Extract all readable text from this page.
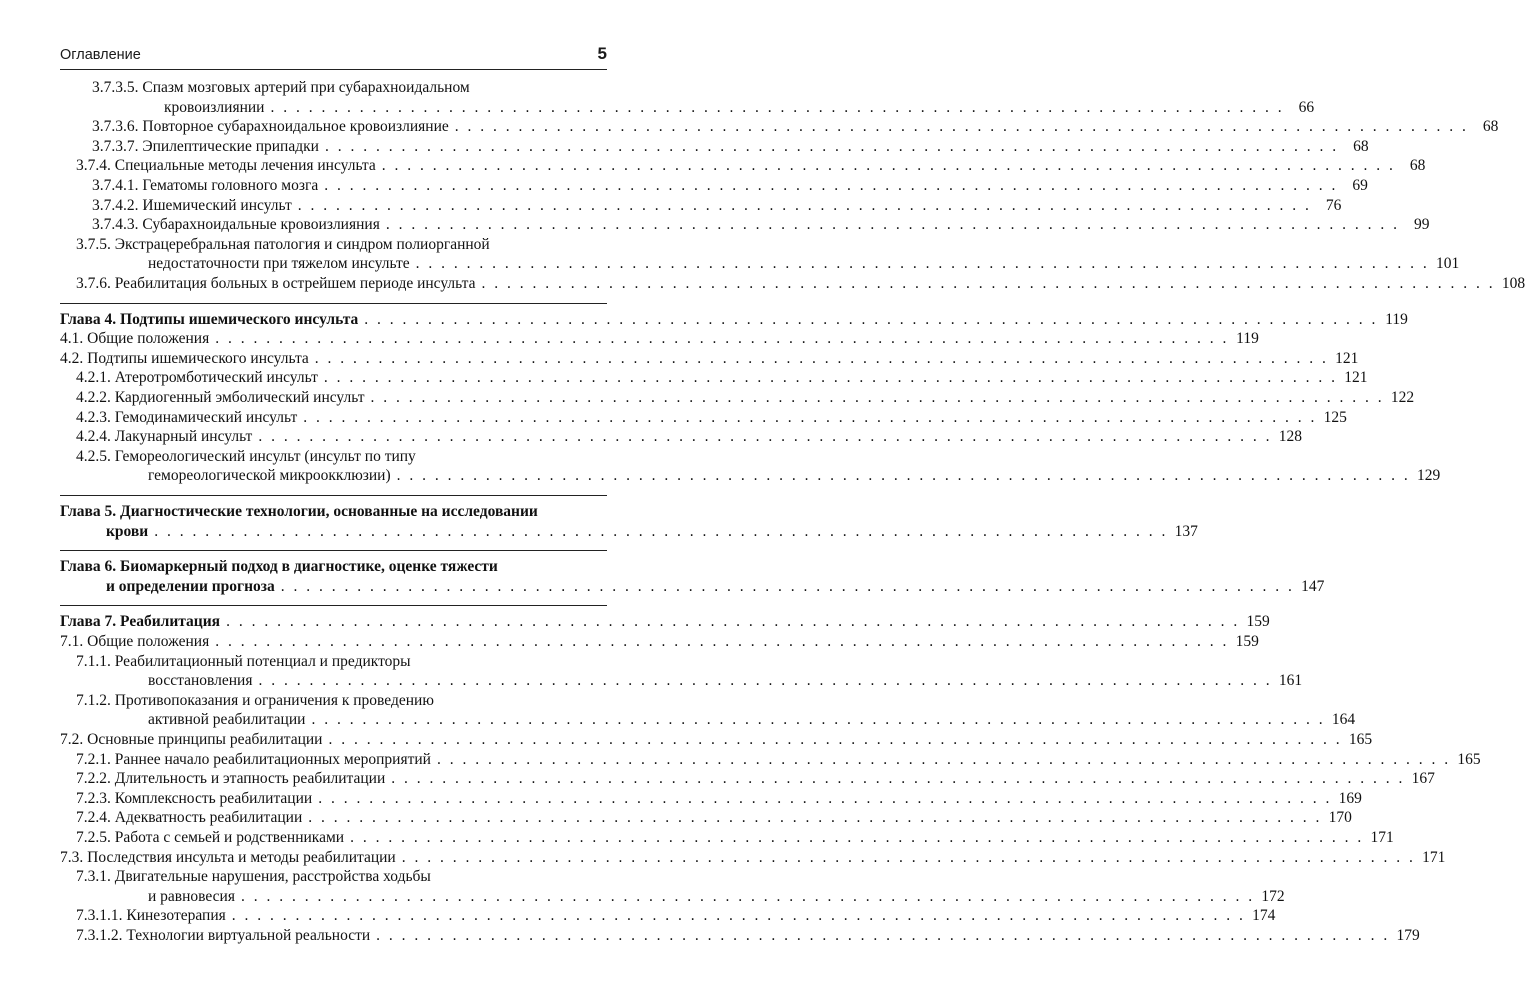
Оглавление	5
3.7.3.5. Спазм мозговых артерий при субарахноидальном
кровоизлиянии . . . . . . . . . . . . . . . . . . . . . . . . . . . . . . . . . . . . . . . . . . . . . . . . . . . . . . . . . . . . . . . . . . . . . . . . . . . . . . . . 66
3.7.3.6. Повторное субарахноидальное кровоизлияние . . . . . . . . . . . . . . . . . . . . . . . . . . . . . . . . . . . . . . . . . . . . . . . . . . . . . . . . . . . . . . . . . . . . . . . . . . . . . . . . 68
3.7.3.7. Эпилептические припадки . . . . . . . . . . . . . . . . . . . . . . . . . . . . . . . . . . . . . . . . . . . . . . . . . . . . . . . . . . . . . . . . . . . . . . . . . . . . . . . . 68
3.7.4. Специальные методы лечения инсульта . . . . . . . . . . . . . . . . . . . . . . . . . . . . . . . . . . . . . . . . . . . . . . . . . . . . . . . . . . . . . . . . . . . . . . . . . . . . . . . . 68
3.7.4.1. Гематомы головного мозга . . . . . . . . . . . . . . . . . . . . . . . . . . . . . . . . . . . . . . . . . . . . . . . . . . . . . . . . . . . . . . . . . . . . . . . . . . . . . . . . 69
3.7.4.2. Ишемический инсульт . . . . . . . . . . . . . . . . . . . . . . . . . . . . . . . . . . . . . . . . . . . . . . . . . . . . . . . . . . . . . . . . . . . . . . . . . . . . . . . . 76
3.7.4.3. Субарахноидальные кровоизлияния . . . . . . . . . . . . . . . . . . . . . . . . . . . . . . . . . . . . . . . . . . . . . . . . . . . . . . . . . . . . . . . . . . . . . . . . . . . . . . . . 99
3.7.5. Экстрацеребральная патология и синдром полиорганной
недостаточности при тяжелом инсульте . . . . . . . . . . . . . . . . . . . . . . . . . . . . . . . . . . . . . . . . . . . . . . . . . . . . . . . . . . . . . . . . . . . . . . . . . . . . . . . . 101
3.7.6. Реабилитация больных в острейшем периоде инсульта . . . . . . . . . . . . . . . . . . . . . . . . . . . . . . . . . . . . . . . . . . . . . . . . . . . . . . . . . . . . . . . . . . . . . . . . . . . . . . . . 108
Глава 4. Подтипы ишемического инсульта . . . . . . . . . . . . . . . . . . . . . . . . . . . . . . . . . . . . . . . . . . . . . . . . . . . . . . . . . . . . . . . . . . . . . . . . . . . . . . . . 119
4.1. Общие положения . . . . . . . . . . . . . . . . . . . . . . . . . . . . . . . . . . . . . . . . . . . . . . . . . . . . . . . . . . . . . . . . . . . . . . . . . . . . . . . . 119
4.2. Подтипы ишемического инсульта . . . . . . . . . . . . . . . . . . . . . . . . . . . . . . . . . . . . . . . . . . . . . . . . . . . . . . . . . . . . . . . . . . . . . . . . . . . . . . . . 121
4.2.1. Атеротромботический инсульт . . . . . . . . . . . . . . . . . . . . . . . . . . . . . . . . . . . . . . . . . . . . . . . . . . . . . . . . . . . . . . . . . . . . . . . . . . . . . . . . 121
4.2.2. Кардиогенный эмболический инсульт . . . . . . . . . . . . . . . . . . . . . . . . . . . . . . . . . . . . . . . . . . . . . . . . . . . . . . . . . . . . . . . . . . . . . . . . . . . . . . . . 122
4.2.3. Гемодинамический инсульт . . . . . . . . . . . . . . . . . . . . . . . . . . . . . . . . . . . . . . . . . . . . . . . . . . . . . . . . . . . . . . . . . . . . . . . . . . . . . . . . 125
4.2.4. Лакунарный инсульт . . . . . . . . . . . . . . . . . . . . . . . . . . . . . . . . . . . . . . . . . . . . . . . . . . . . . . . . . . . . . . . . . . . . . . . . . . . . . . . . 128
4.2.5. Гемореологический инсульт (инсульт по типу
гемореологической микроокклюзии) . . . . . . . . . . . . . . . . . . . . . . . . . . . . . . . . . . . . . . . . . . . . . . . . . . . . . . . . . . . . . . . . . . . . . . . . . . . . . . . . 129
Глава 5. Диагностические технологии, основанные на исследовании
крови . . . . . . . . . . . . . . . . . . . . . . . . . . . . . . . . . . . . . . . . . . . . . . . . . . . . . . . . . . . . . . . . . . . . . . . . . . . . . . . . 137
Глава 6. Биомаркерный подход в диагностике, оценке тяжести
и определении прогноза . . . . . . . . . . . . . . . . . . . . . . . . . . . . . . . . . . . . . . . . . . . . . . . . . . . . . . . . . . . . . . . . . . . . . . . . . . . . . . . . 147
Глава 7. Реабилитация . . . . . . . . . . . . . . . . . . . . . . . . . . . . . . . . . . . . . . . . . . . . . . . . . . . . . . . . . . . . . . . . . . . . . . . . . . . . . . . . 159
7.1. Общие положения . . . . . . . . . . . . . . . . . . . . . . . . . . . . . . . . . . . . . . . . . . . . . . . . . . . . . . . . . . . . . . . . . . . . . . . . . . . . . . . . 159
7.1.1. Реабилитационный потенциал и предикторы
восстановления . . . . . . . . . . . . . . . . . . . . . . . . . . . . . . . . . . . . . . . . . . . . . . . . . . . . . . . . . . . . . . . . . . . . . . . . . . . . . . . . 161
7.1.2. Противопоказания и ограничения к проведению
активной реабилитации . . . . . . . . . . . . . . . . . . . . . . . . . . . . . . . . . . . . . . . . . . . . . . . . . . . . . . . . . . . . . . . . . . . . . . . . . . . . . . . . 164
7.2. Основные принципы реабилитации . . . . . . . . . . . . . . . . . . . . . . . . . . . . . . . . . . . . . . . . . . . . . . . . . . . . . . . . . . . . . . . . . . . . . . . . . . . . . . . . 165
7.2.1. Раннее начало реабилитационных мероприятий . . . . . . . . . . . . . . . . . . . . . . . . . . . . . . . . . . . . . . . . . . . . . . . . . . . . . . . . . . . . . . . . . . . . . . . . . . . . . . . . 165
7.2.2. Длительность и этапность реабилитации . . . . . . . . . . . . . . . . . . . . . . . . . . . . . . . . . . . . . . . . . . . . . . . . . . . . . . . . . . . . . . . . . . . . . . . . . . . . . . . . 167
7.2.3. Комплексность реабилитации . . . . . . . . . . . . . . . . . . . . . . . . . . . . . . . . . . . . . . . . . . . . . . . . . . . . . . . . . . . . . . . . . . . . . . . . . . . . . . . . 169
7.2.4. Адекватность реабилитации . . . . . . . . . . . . . . . . . . . . . . . . . . . . . . . . . . . . . . . . . . . . . . . . . . . . . . . . . . . . . . . . . . . . . . . . . . . . . . . . 170
7.2.5. Работа с семьей и родственниками . . . . . . . . . . . . . . . . . . . . . . . . . . . . . . . . . . . . . . . . . . . . . . . . . . . . . . . . . . . . . . . . . . . . . . . . . . . . . . . . 171
7.3. Последствия инсульта и методы реабилитации . . . . . . . . . . . . . . . . . . . . . . . . . . . . . . . . . . . . . . . . . . . . . . . . . . . . . . . . . . . . . . . . . . . . . . . . . . . . . . . . 171
7.3.1. Двигательные нарушения, расстройства ходьбы
и равновесия . . . . . . . . . . . . . . . . . . . . . . . . . . . . . . . . . . . . . . . . . . . . . . . . . . . . . . . . . . . . . . . . . . . . . . . . . . . . . . . . 172
7.3.1.1. Кинезотерапия . . . . . . . . . . . . . . . . . . . . . . . . . . . . . . . . . . . . . . . . . . . . . . . . . . . . . . . . . . . . . . . . . . . . . . . . . . . . . . . . 174
7.3.1.2. Технологии виртуальной реальности . . . . . . . . . . . . . . . . . . . . . . . . . . . . . . . . . . . . . . . . . . . . . . . . . . . . . . . . . . . . . . . . . . . . . . . . . . . . . . . . 179
